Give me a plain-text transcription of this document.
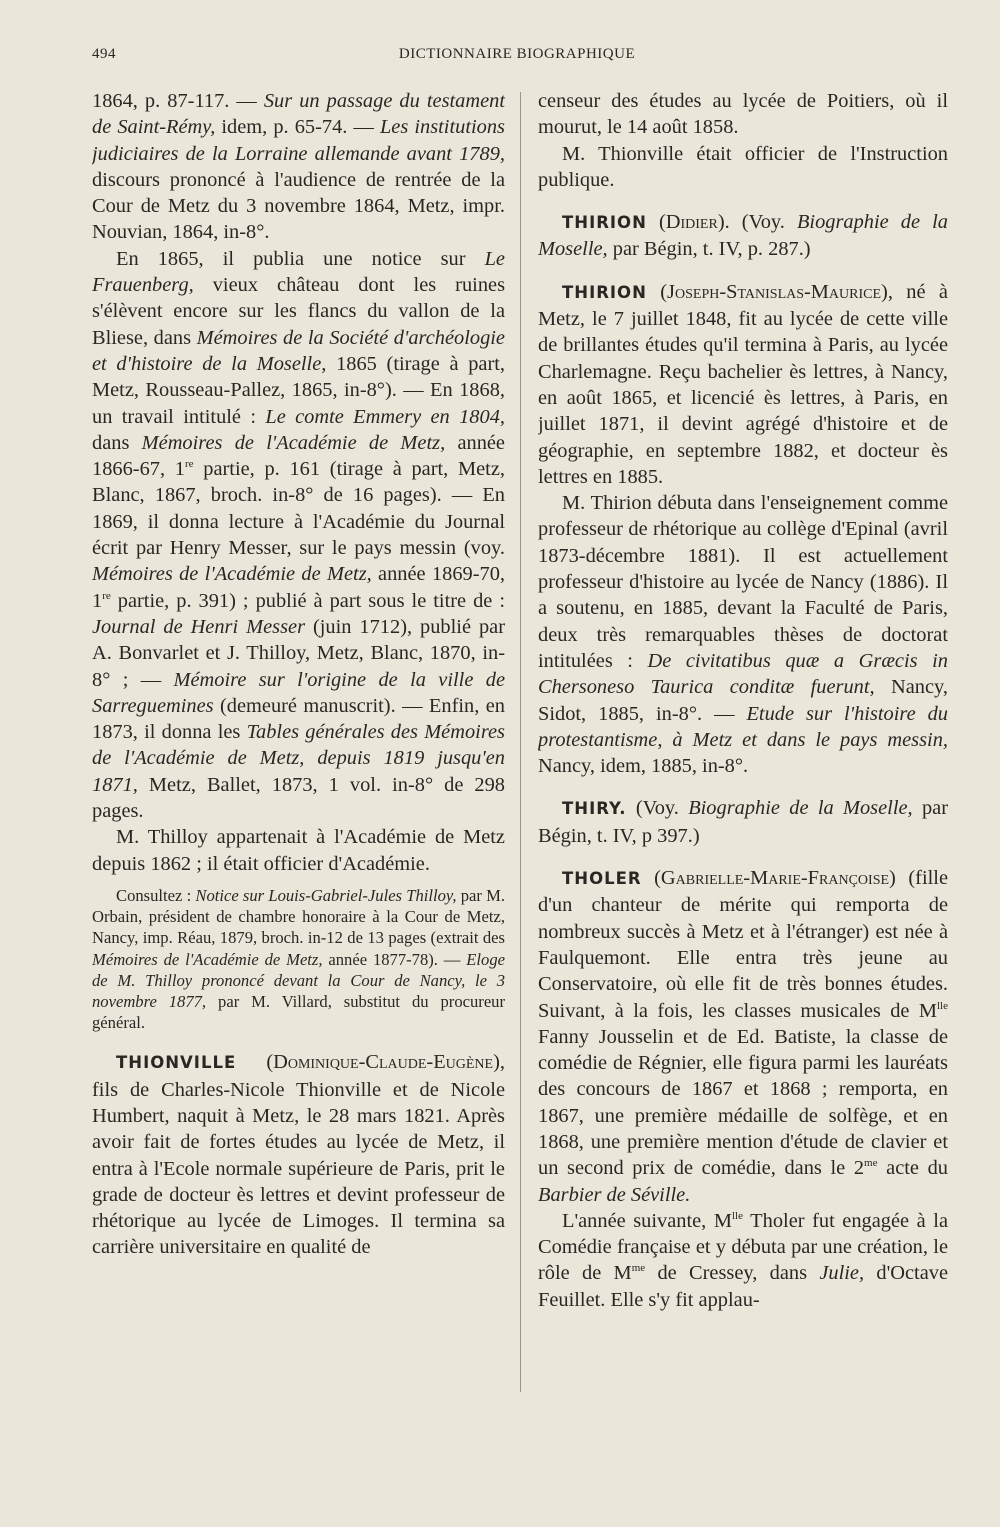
494	DICTIONNAIRE BIOGRAPHIQUE

1864, p. 87-117. — Sur un passage du testament de Saint-Rémy, idem, p. 65-74. — Les institutions judiciaires de la Lorraine allemande avant 1789, discours prononcé à l'audience de rentrée de la Cour de Metz du 3 novembre 1864, Metz, impr. Nouvian, 1864, in-8°.

En 1865, il publia une notice sur Le Frauenberg, vieux château dont les ruines s'élèvent encore sur les flancs du vallon de la Bliese, dans Mémoires de la Société d'archéologie et d'histoire de la Moselle, 1865 (tirage à part, Metz, Rousseau-Pallez, 1865, in-8°). — En 1868, un travail intitulé : Le comte Emmery en 1804, dans Mémoires de l'Académie de Metz, année 1866-67, 1re partie, p. 161 (tirage à part, Metz, Blanc, 1867, broch. in-8° de 16 pages). — En 1869, il donna lecture à l'Académie du Journal écrit par Henry Messer, sur le pays messin (voy. Mémoires de l'Académie de Metz, année 1869-70, 1re partie, p. 391) ; publié à part sous le titre de : Journal de Henri Messer (juin 1712), publié par A. Bonvarlet et J. Thilloy, Metz, Blanc, 1870, in-8° ; — Mémoire sur l'origine de la ville de Sarreguemines (demeuré manuscrit). — Enfin, en 1873, il donna les Tables générales des Mémoires de l'Académie de Metz, depuis 1819 jusqu'en 1871, Metz, Ballet, 1873, 1 vol. in-8° de 298 pages.

M. Thilloy appartenait à l'Académie de Metz depuis 1862 ; il était officier d'Académie.

Consultez : Notice sur Louis-Gabriel-Jules Thilloy, par M. Orbain, président de chambre honoraire à la Cour de Metz, Nancy, imp. Réau, 1879, broch. in-12 de 13 pages (extrait des Mémoires de l'Académie de Metz, année 1877-78). — Eloge de M. Thilloy prononcé devant la Cour de Nancy, le 3 novembre 1877, par M. Villard, substitut du procureur général.

THIONVILLE (Dominique-Claude-Eugène), fils de Charles-Nicole Thionville et de Nicole Humbert, naquit à Metz, le 28 mars 1821. Après avoir fait de fortes études au lycée de Metz, il entra à l'Ecole normale supérieure de Paris, prit le grade de docteur ès lettres et devint professeur de rhétorique au lycée de Limoges. Il termina sa carrière universitaire en qualité de

censeur des études au lycée de Poitiers, où il mourut, le 14 août 1858.

M. Thionville était officier de l'Instruction publique.

THIRION (Didier). (Voy. Biographie de la Moselle, par Bégin, t. IV, p. 287.)

THIRION (Joseph-Stanislas-Maurice), né à Metz, le 7 juillet 1848, fit au lycée de cette ville de brillantes études qu'il termina à Paris, au lycée Charlemagne. Reçu bachelier ès lettres, à Nancy, en août 1865, et licencié ès lettres, à Paris, en juillet 1871, il devint agrégé d'histoire et de géographie, en septembre 1882, et docteur ès lettres en 1885.

M. Thirion débuta dans l'enseignement comme professeur de rhétorique au collège d'Epinal (avril 1873-décembre 1881). Il est actuellement professeur d'histoire au lycée de Nancy (1886). Il a soutenu, en 1885, devant la Faculté de Paris, deux très remarquables thèses de doctorat intitulées : De civitatibus quæ a Græcis in Chersoneso Taurica conditæ fuerunt, Nancy, Sidot, 1885, in-8°. — Etude sur l'histoire du protestantisme, à Metz et dans le pays messin, Nancy, idem, 1885, in-8°.

THIRY. (Voy. Biographie de la Moselle, par Bégin, t. IV, p 397.)

THOLER (Gabrielle-Marie-Françoise) (fille d'un chanteur de mérite qui remporta de nombreux succès à Metz et à l'étranger) est née à Faulquemont. Elle entra très jeune au Conservatoire, où elle fit de très bonnes études. Suivant, à la fois, les classes musicales de $M^{lle}$ Fanny Jousselin et de Ed. Batiste, la classe de comédie de Régnier, elle figura parmi les lauréats des concours de 1867 et 1868 ; remporta, en 1867, une première médaille de solfège, et en 1868, une première mention d'étude de clavier et un second prix de comédie, dans le $2^{me}$ acte du Barbier de Séville.

L'année suivante, $M^{lle}$ Tholer fut engagée à la Comédie française et y débuta par une création, le rôle de $M^{me}$ de Cressey, dans Julie, d'Octave Feuillet. Elle s'y fit applau-
